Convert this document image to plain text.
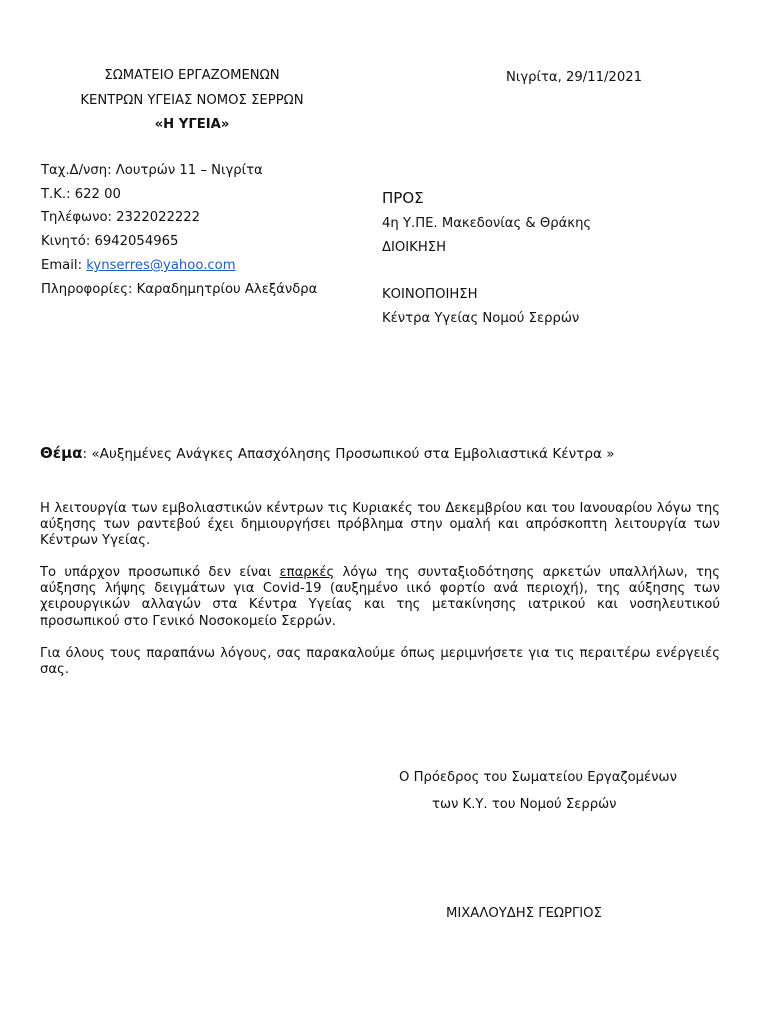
ΣΩΜΑΤΕΙΟ ΕΡΓΑΖΟΜΕΝΩΝ
ΚΕΝΤΡΩΝ ΥΓΕΙΑΣ ΝΟΜΟΣ ΣΕΡΡΩΝ
«Η ΥΓΕΙΑ»
Νιγρίτα, 29/11/2021
Ταχ.Δ/νση: Λουτρών 11 – Νιγρίτα
Τ.Κ.: 622 00
Τηλέφωνο: 2322022222
Κινητό: 6942054965
Email: kynserres@yahoo.com
Πληροφορίες: Καραδημητρίου Αλεξάνδρα
ΠΡΟΣ
4η Υ.ΠΕ. Μακεδονίας & Θράκης
ΔΙΟΙΚΗΣΗ
ΚΟΙΝΟΠΟΙΗΣΗ
Κέντρα Υγείας Νομού Σερρών
Θέμα: «Αυξημένες Ανάγκες Απασχόλησης Προσωπικού στα Εμβολιαστικά Κέντρα »
Η λειτουργία των εμβολιαστικών κέντρων τις Κυριακές του Δεκεμβρίου και του Ιανουαρίου λόγω της αύξησης των ραντεβού έχει δημιουργήσει πρόβλημα στην ομαλή και απρόσκοπτη λειτουργία των Κέντρων Υγείας.
Το υπάρχον προσωπικό δεν είναι επαρκές λόγω της συνταξιοδότησης αρκετών υπαλλήλων, της αύξησης λήψης δειγμάτων για Covid-19 (αυξημένο ιικό φορτίο ανά περιοχή), της αύξησης των χειρουργικών αλλαγών στα Κέντρα Υγείας και της μετακίνησης ιατρικού και νοσηλευτικού προσωπικού στο Γενικό Νοσοκομείο Σερρών.
Για όλους τους παραπάνω λόγους, σας παρακαλούμε όπως μεριμνήσετε για τις περαιτέρω ενέργειές σας.
Ο Πρόεδρος του Σωματείου Εργαζομένων
των Κ.Υ. του Νομού Σερρών
ΜΙΧΑΛΟΥΔΗΣ ΓΕΩΡΓΙΟΣ
